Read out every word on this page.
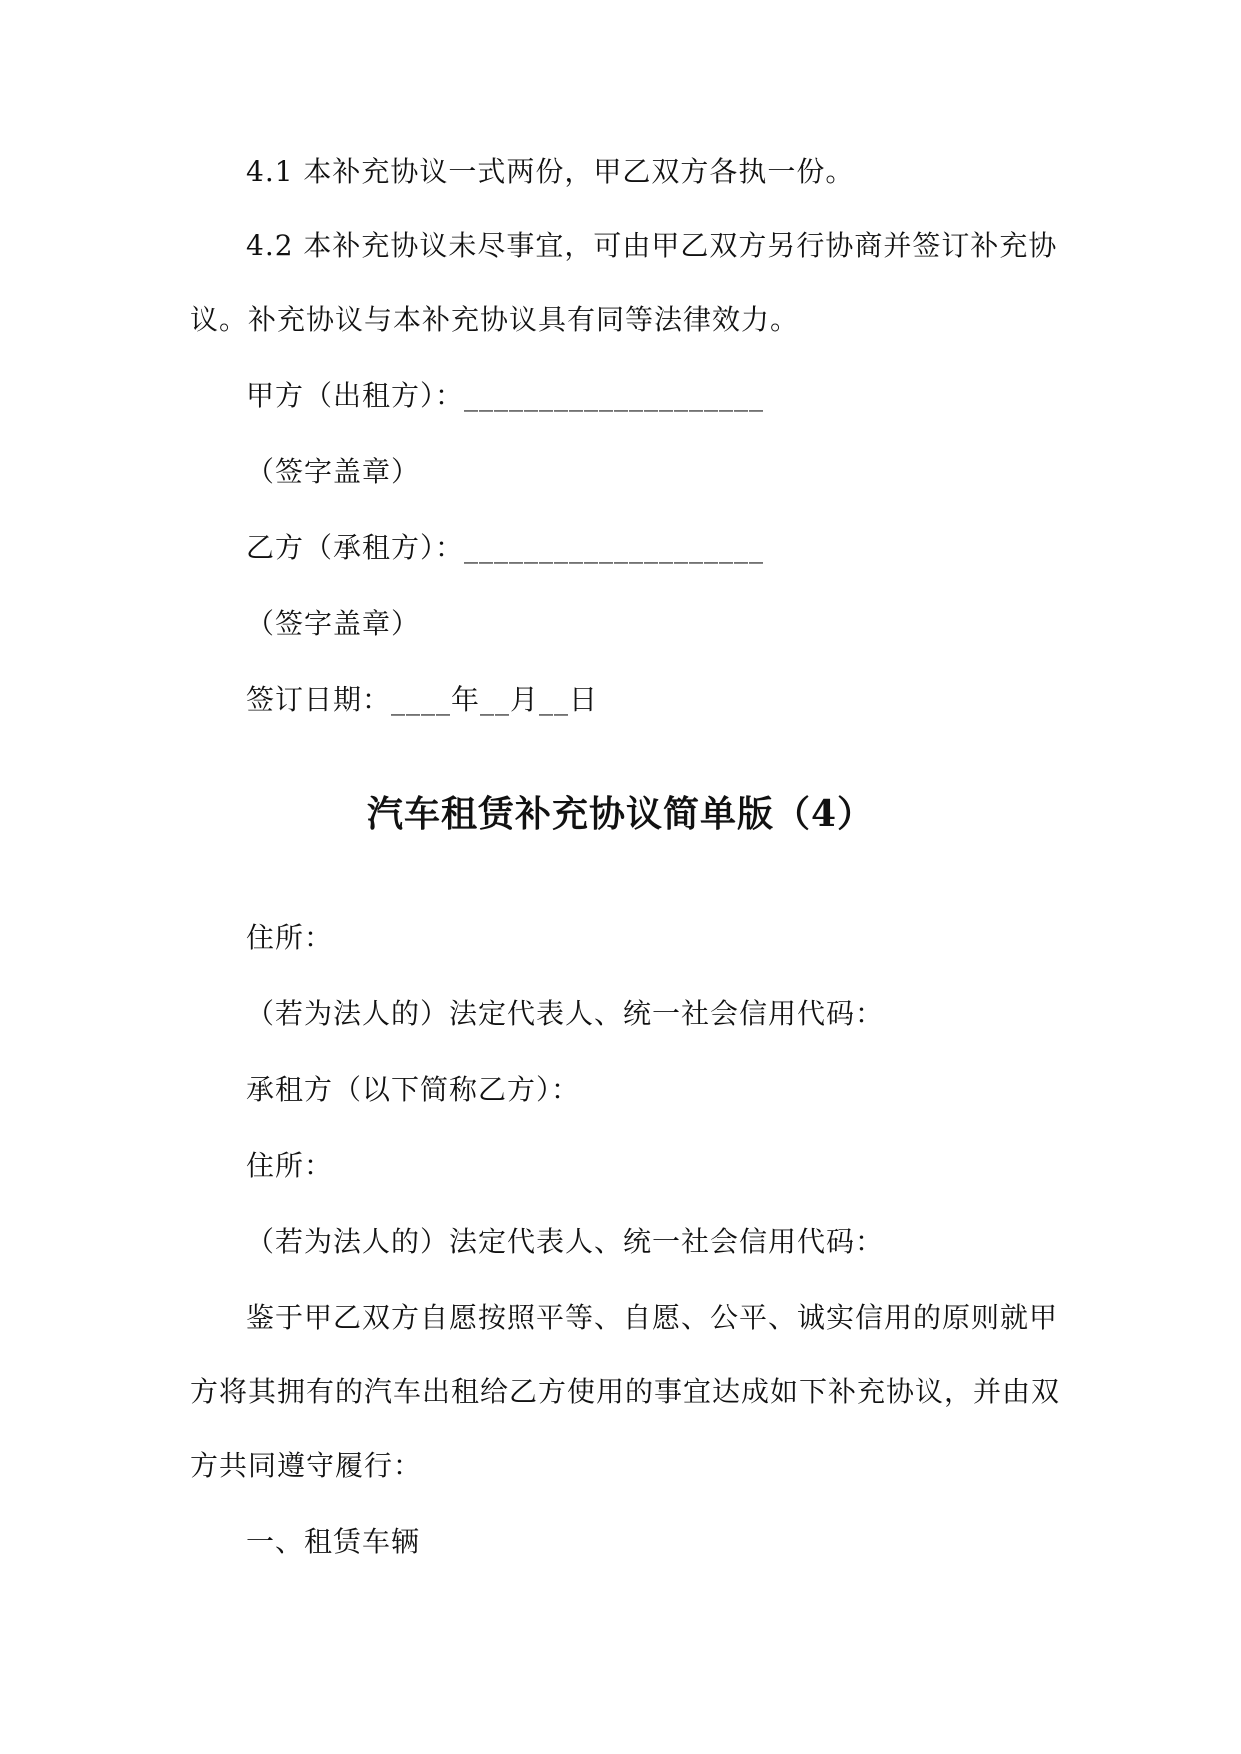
4.1 本补充协议一式两份，甲乙双方各执一份。
4.2 本补充协议未尽事宜，可由甲乙双方另行协商并签订补充协
议。补充协议与本补充协议具有同等法律效力。
甲方（出租方）：____________________
（签字盖章）
乙方（承租方）：____________________
（签字盖章）
签订日期：____年__月__日
汽车租赁补充协议简单版（4）
住所：
（若为法人的）法定代表人、统一社会信用代码：
承租方（以下简称乙方）：
住所：
（若为法人的）法定代表人、统一社会信用代码：
鉴于甲乙双方自愿按照平等、自愿、公平、诚实信用的原则就甲
方将其拥有的汽车出租给乙方使用的事宜达成如下补充协议，并由双
方共同遵守履行：
一、租赁车辆
